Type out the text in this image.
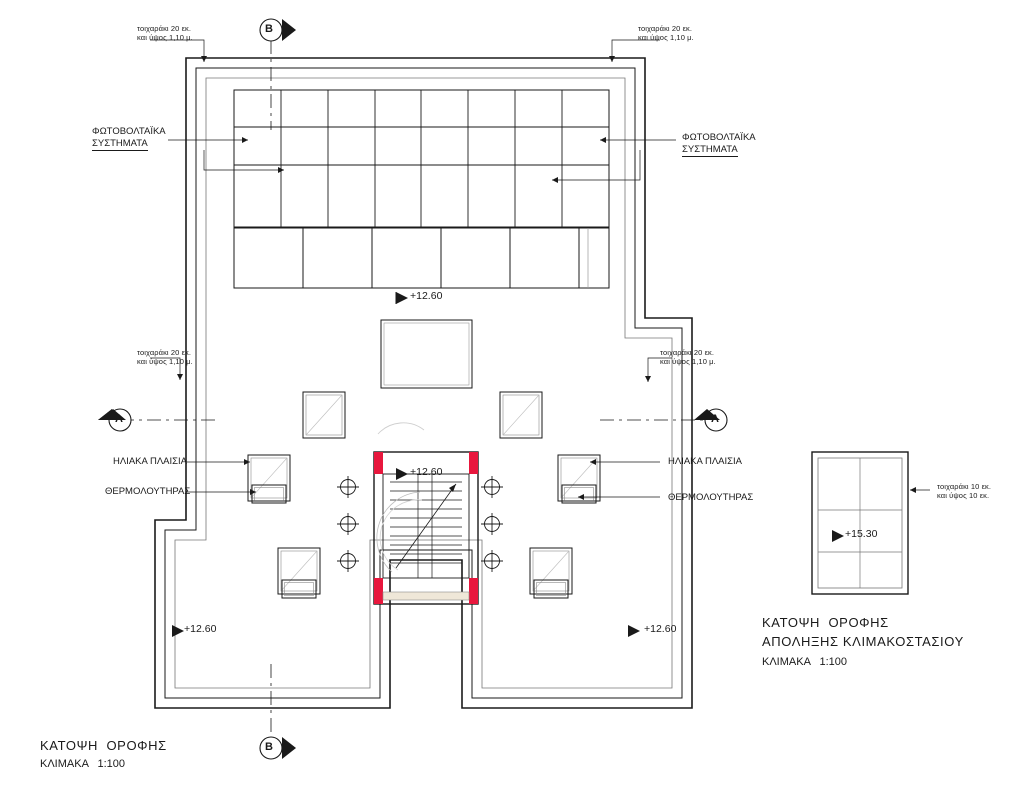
τοιχαράκι 20 εκ.
και ύψος 1,10 μ.
τοιχαράκι 20 εκ.
και ύψος 1,10 μ.
τοιχαράκι 20 εκ.
και ύψος 1,10 μ.
τοιχαράκι 20 εκ.
και ύψος 1,10 μ.
τοιχαράκι 10 εκ.
και ύψος 10 εκ.
ΦΩΤΟΒΟΛΤΑΪΚΑ
ΣΥΣΤΗΜΑΤΑ
ΦΩΤΟΒΟΛΤΑΪΚΑ
ΣΥΣΤΗΜΑΤΑ
ΗΛΙΑΚΑ ΠΛΑΙΣΙΑ	ΗΛΙΑΚΑ ΠΛΑΙΣΙΑ
ΘΕΡΜΟΛΟΥΤΗΡΑΣ
ΘΕΡΜΟΛΟΥΤΗΡΑΣ
+12.60
+12.60
+12.60	+12.60
+15.30
B
B
A	A
ΚΑΤΟΨΗ  ΟΡΟΦΗΣ
ΚΛΙΜΑΚΑ   1:100
ΚΑΤΟΨΗ  ΟΡΟΦΗΣ
ΑΠΟΛΗΞΗΣ ΚΛΙΜΑΚΟΣΤΑΣΙΟΥ
ΚΛΙΜΑΚΑ   1:100
